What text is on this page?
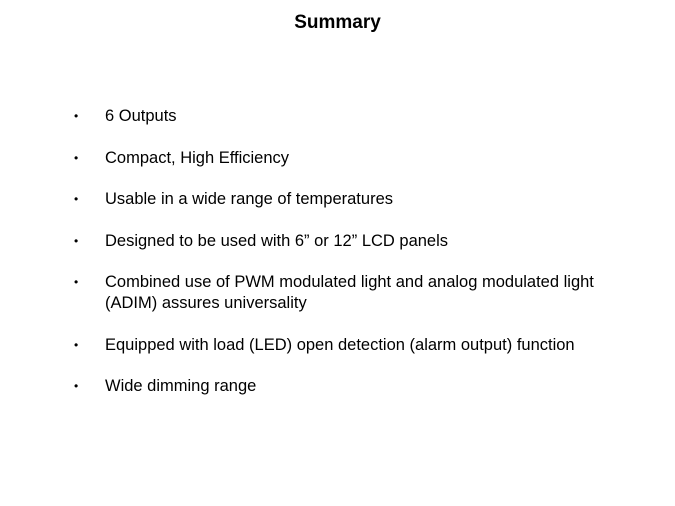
Summary
• 6 Outputs
• Compact, High Efficiency
• Usable in a wide range of temperatures
• Designed to be used with 6” or 12” LCD panels
• Combined use of PWM modulated light and analog modulated light (ADIM) assures universality
• Equipped with load (LED) open detection (alarm output) function
• Wide dimming range
